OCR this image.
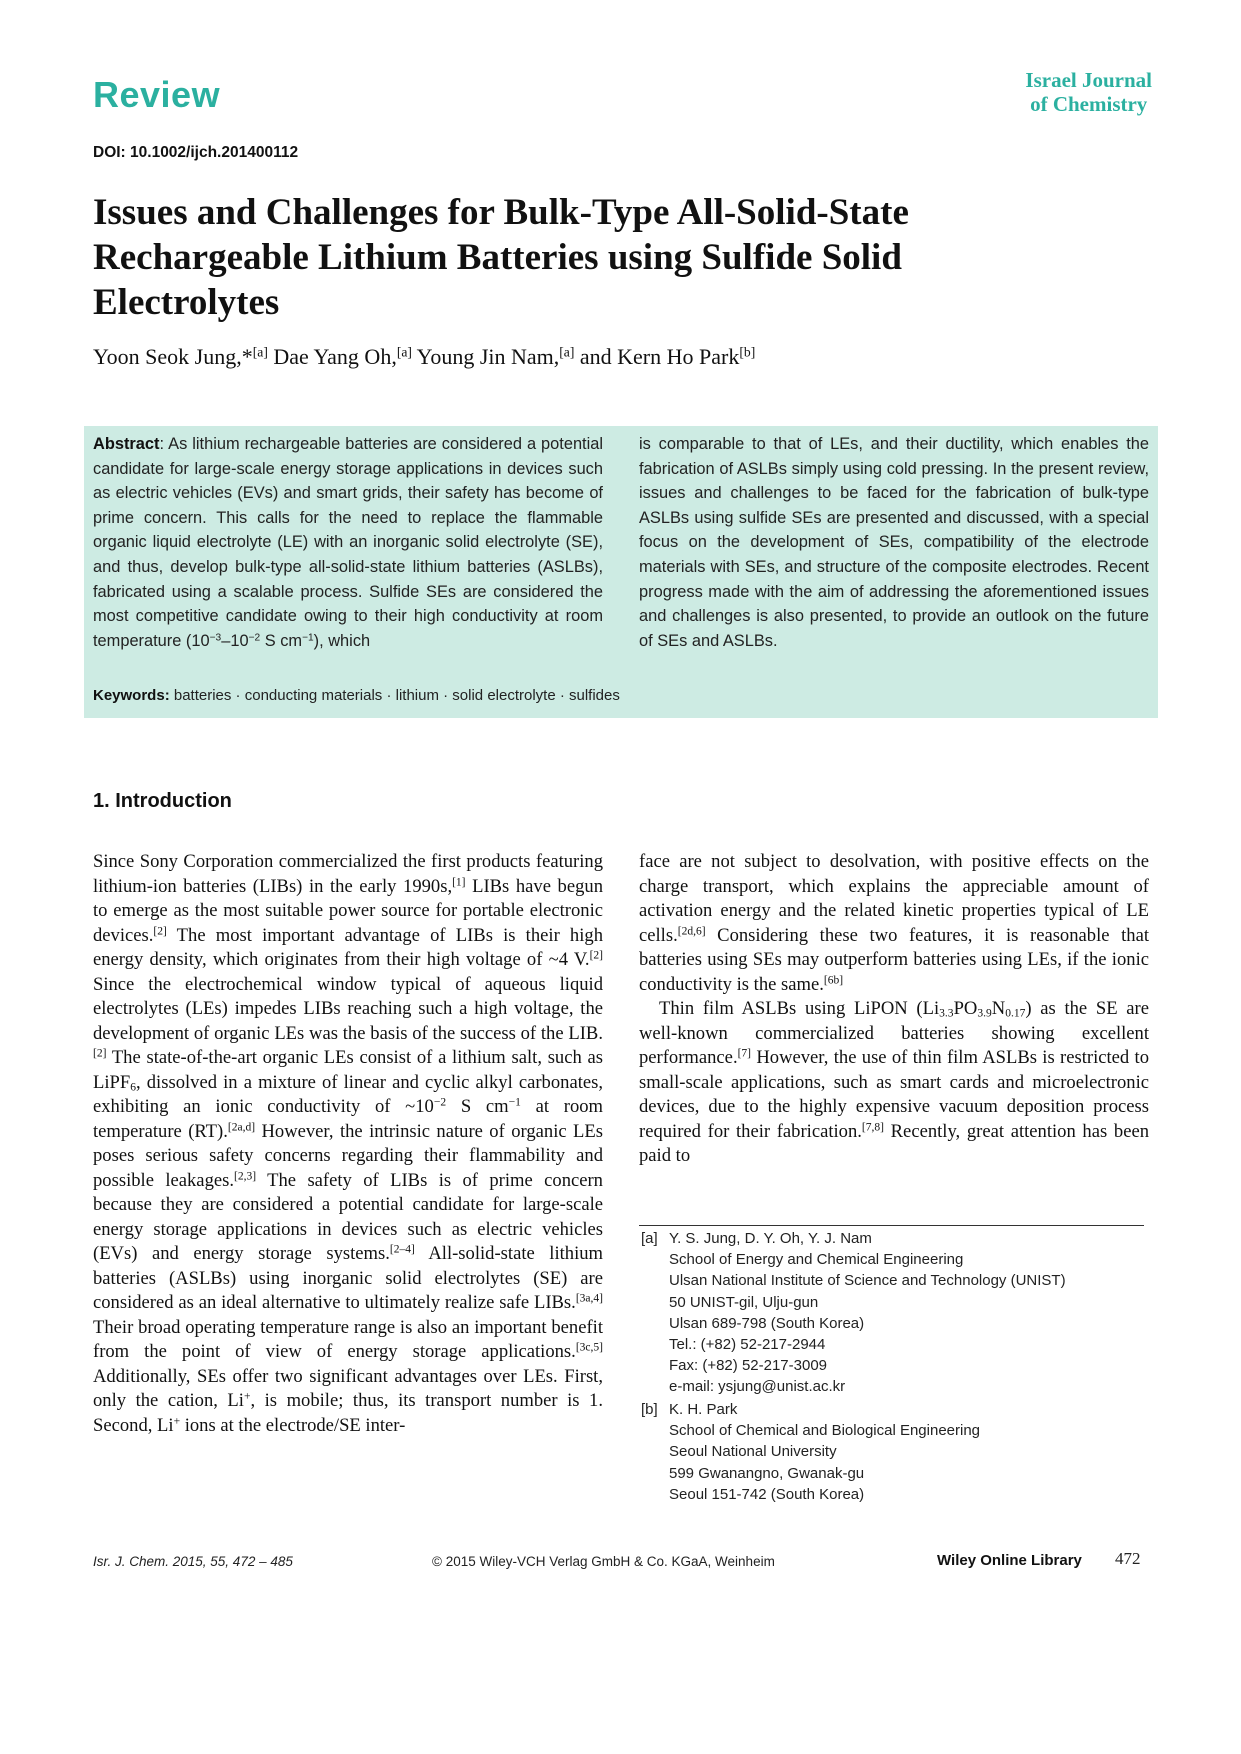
Review	Israel Journal
of Chemistry
DOI: 10.1002/ijch.201400112
Issues and Challenges for Bulk-Type All-Solid-State Rechargeable Lithium Batteries using Sulfide Solid Electrolytes
Yoon Seok Jung,*[a] Dae Yang Oh,[a] Young Jin Nam,[a] and Kern Ho Park[b]

Abstract: As lithium rechargeable batteries are considered a potential candidate for large-scale energy storage applications in devices such as electric vehicles (EVs) and smart grids, their safety has become of prime concern. This calls for the need to replace the flammable organic liquid electrolyte (LE) with an inorganic solid electrolyte (SE), and thus, develop bulk-type all-solid-state lithium batteries (ASLBs), fabricated using a scalable process. Sulfide SEs are considered the most competitive candidate owing to their high conductivity at room temperature ($10^{-3}-10^{-2}$ S $cm^{-1}$), which

is comparable to that of LEs, and their ductility, which enables the fabrication of ASLBs simply using cold pressing. In the present review, issues and challenges to be faced for the fabrication of bulk-type ASLBs using sulfide SEs are presented and discussed, with a special focus on the development of SEs, compatibility of the electrode materials with SEs, and structure of the composite electrodes. Recent progress made with the aim of addressing the aforementioned issues and challenges is also presented, to provide an outlook on the future of SEs and ASLBs.

Keywords: batteries · conducting materials · lithium · solid electrolyte · sulfides
1. Introduction

Since Sony Corporation commercialized the first products featuring lithium-ion batteries (LIBs) in the early 1990s,[1] LIBs have begun to emerge as the most suitable power source for portable electronic devices.[2] The most important advantage of LIBs is their high energy density, which originates from their high voltage of ~4 V.[2] Since the electrochemical window typical of aqueous liquid electrolytes (LEs) impedes LIBs reaching such a high voltage, the development of organic LEs was the basis of the success of the LIB.[2] The state-of-the-art organic LEs consist of a lithium salt, such as LiPF$_6$, dissolved in a mixture of linear and cyclic alkyl carbonates, exhibiting an ionic conductivity of $\sim 10^{-2}$ S $cm^{-1}$ at room temperature (RT).[2a,d] However, the intrinsic nature of organic LEs poses serious safety concerns regarding their flammability and possible leakages.[2,3] The safety of LIBs is of prime concern because they are considered a potential candidate for large-scale energy storage applications in devices such as electric vehicles (EVs) and energy storage systems.[2–4] All-solid-state lithium batteries (ASLBs) using inorganic solid electrolytes (SE) are considered as an ideal alternative to ultimately realize safe LIBs.[3a,4] Their broad operating temperature range is also an important benefit from the point of view of energy storage applications.[3c,5] Additionally, SEs offer two significant advantages over LEs. First, only the cation, Li+, is mobile; thus, its transport number is 1. Second, Li+ ions at the electrode/SE inter-

face are not subject to desolvation, with positive effects on the charge transport, which explains the appreciable amount of activation energy and the related kinetic properties typical of LE cells.[2d,6] Considering these two features, it is reasonable that batteries using SEs may outperform batteries using LEs, if the ionic conductivity is the same.[6b]
Thin film ASLBs using LiPON $(Li_{3.3}PO_{3.9}N_{0.17})$ as the SE are well-known commercialized batteries showing excellent performance.[7] However, the use of thin film ASLBs is restricted to small-scale applications, such as smart cards and microelectronic devices, due to the highly expensive vacuum deposition process required for their fabrication.[7,8] Recently, great attention has been paid to
[a] Y. S. Jung, D. Y. Oh, Y. J. Nam
School of Energy and Chemical Engineering
Ulsan National Institute of Science and Technology (UNIST)
50 UNIST-gil, Ulju-gun
Ulsan 689-798 (South Korea)
Tel.: (+82) 52-217-2944
Fax: (+82) 52-217-3009
e-mail: ysjung@unist.ac.kr
[b] K. H. Park
School of Chemical and Biological Engineering
Seoul National University
599 Gwanangno, Gwanak-gu
Seoul 151-742 (South Korea)
Isr. J. Chem. 2015, 55, 472 – 485	© 2015 Wiley-VCH Verlag GmbH & Co. KGaA, Weinheim	Wiley Online Library 472
